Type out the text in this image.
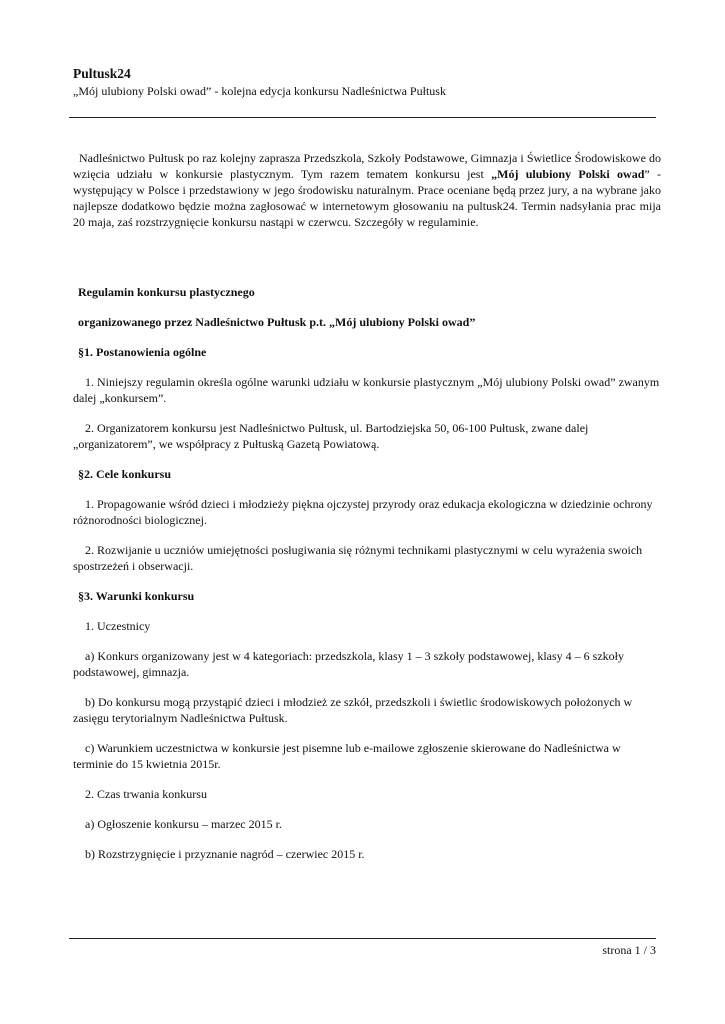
Pultusk24
„Mój ulubiony Polski owad” - kolejna edycja konkursu Nadleśnictwa Pułtusk

Nadleśnictwo Pułtusk po raz kolejny zaprasza Przedszkola, Szkoły Podstawowe, Gimnazja i Świetlice Środowiskowe do wzięcia udziału w konkursie plastycznym. Tym razem tematem konkursu jest „Mój ulubiony Polski owad” - występujący w Polsce i przedstawiony w jego środowisku naturalnym. Prace oceniane będą przez jury, a na wybrane jako najlepsze dodatkowo będzie można zagłosować w internetowym głosowaniu na pultusk24. Termin nadsyłania prac mija 20 maja, zaś rozstrzygnięcie konkursu nastąpi w czerwcu. Szczegóły w regulaminie.

Regulamin konkursu plastycznego

organizowanego przez Nadleśnictwo Pułtusk p.t. „Mój ulubiony Polski owad”

§1. Postanowienia ogólne

1. Niniejszy regulamin określa ogólne warunki udziału w konkursie plastycznym „Mój ulubiony Polski owad” zwanym dalej „konkursem”.

2. Organizatorem konkursu jest Nadleśnictwo Pułtusk, ul. Bartodziejska 50, 06-100 Pułtusk, zwane dalej „organizatorem”, we współpracy z Pułtuską Gazetą Powiatową.

§2. Cele konkursu

1. Propagowanie wśród dzieci i młodzieży piękna ojczystej przyrody oraz edukacja ekologiczna w dziedzinie ochrony różnorodności biologicznej.

2. Rozwijanie u uczniów umiejętności posługiwania się różnymi technikami plastycznymi w celu wyrażenia swoich spostrzeżeń i obserwacji.

§3. Warunki konkursu

1. Uczestnicy

a) Konkurs organizowany jest w 4 kategoriach: przedszkola, klasy 1 – 3 szkoły podstawowej, klasy 4 – 6 szkoły podstawowej, gimnazja.

b) Do konkursu mogą przystąpić dzieci i młodzież ze szkół, przedszkoli i świetlic środowiskowych położonych w zasięgu terytorialnym Nadleśnictwa Pułtusk.

c) Warunkiem uczestnictwa w konkursie jest pisemne lub e-mailowe zgłoszenie skierowane do Nadleśnictwa w terminie do 15 kwietnia 2015r.

2. Czas trwania konkursu

a) Ogłoszenie konkursu – marzec 2015 r.

b) Rozstrzygnięcie i przyznanie nagród – czerwiec 2015 r.

strona 1 / 3
